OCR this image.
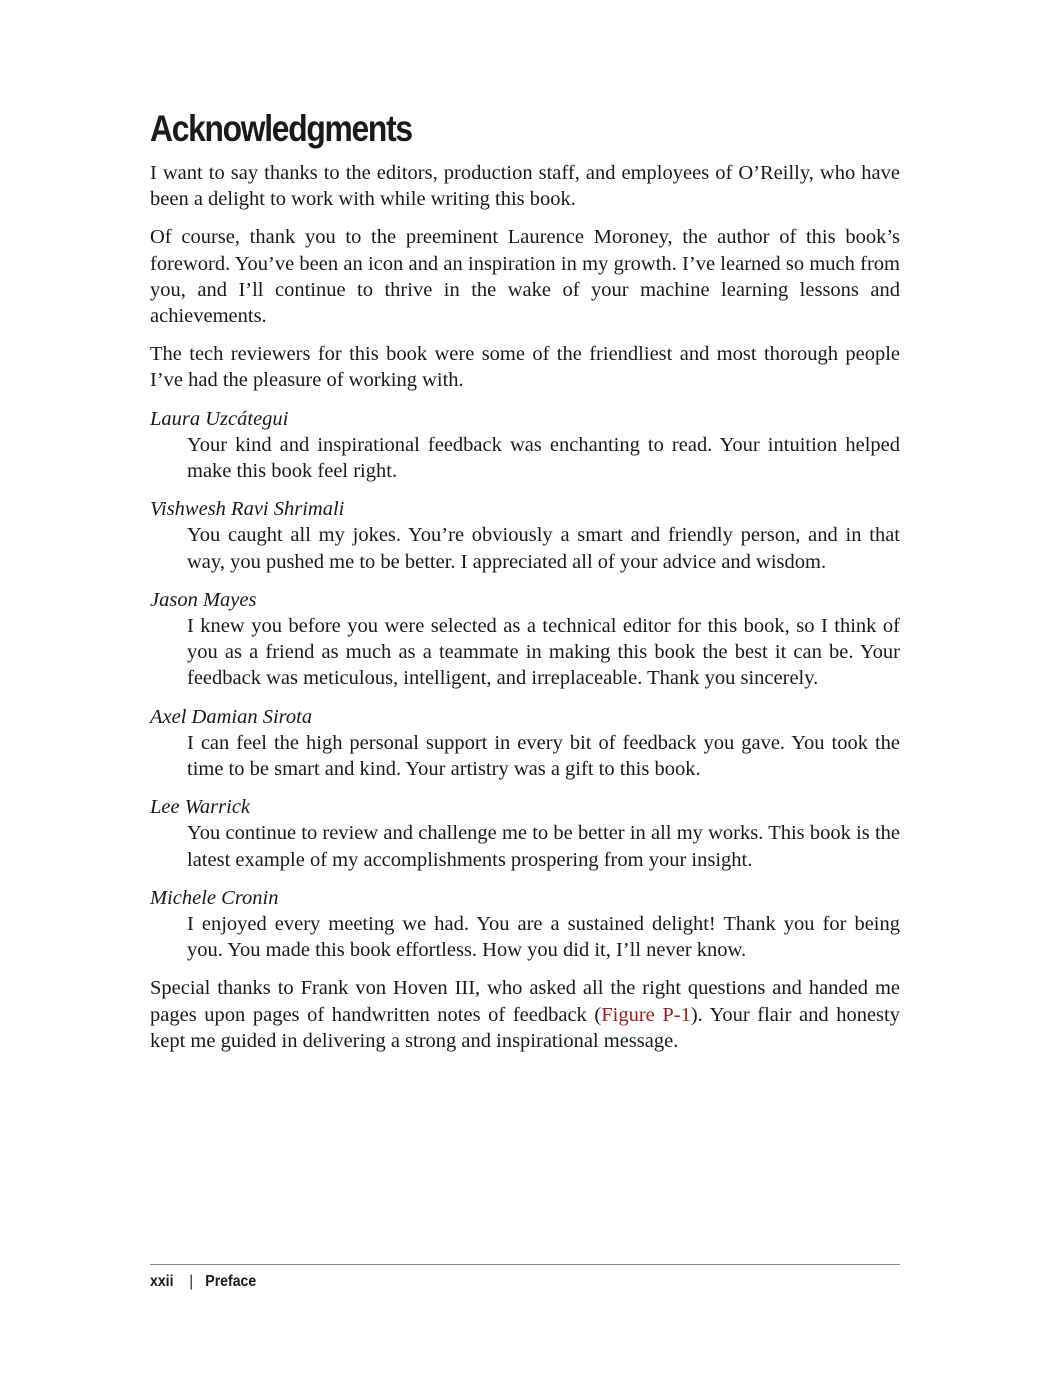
Acknowledgments

I want to say thanks to the editors, production staff, and employees of O’Reilly, who have been a delight to work with while writing this book.

Of course, thank you to the preeminent Laurence Moroney, the author of this book’s foreword. You’ve been an icon and an inspiration in my growth. I’ve learned so much from you, and I’ll continue to thrive in the wake of your machine learning lessons and achievements.

The tech reviewers for this book were some of the friendliest and most thorough people I’ve had the pleasure of working with.

Laura Uzcátegui

Your kind and inspirational feedback was enchanting to read. Your intuition helped make this book feel right.

Vishwesh Ravi Shrimali

You caught all my jokes. You’re obviously a smart and friendly person, and in that way, you pushed me to be better. I appreciated all of your advice and wisdom.

Jason Mayes

I knew you before you were selected as a technical editor for this book, so I think of you as a friend as much as a teammate in making this book the best it can be. Your feedback was meticulous, intelligent, and irreplaceable. Thank you sincerely.

Axel Damian Sirota

I can feel the high personal support in every bit of feedback you gave. You took the time to be smart and kind. Your artistry was a gift to this book.

Lee Warrick

You continue to review and challenge me to be better in all my works. This book is the latest example of my accomplishments prospering from your insight.

Michele Cronin

I enjoyed every meeting we had. You are a sustained delight! Thank you for being you. You made this book effortless. How you did it, I’ll never know.

Special thanks to Frank von Hoven III, who asked all the right questions and handed me pages upon pages of handwritten notes of feedback (Figure P-1). Your flair and honesty kept me guided in delivering a strong and inspirational message.

xxii | Preface
